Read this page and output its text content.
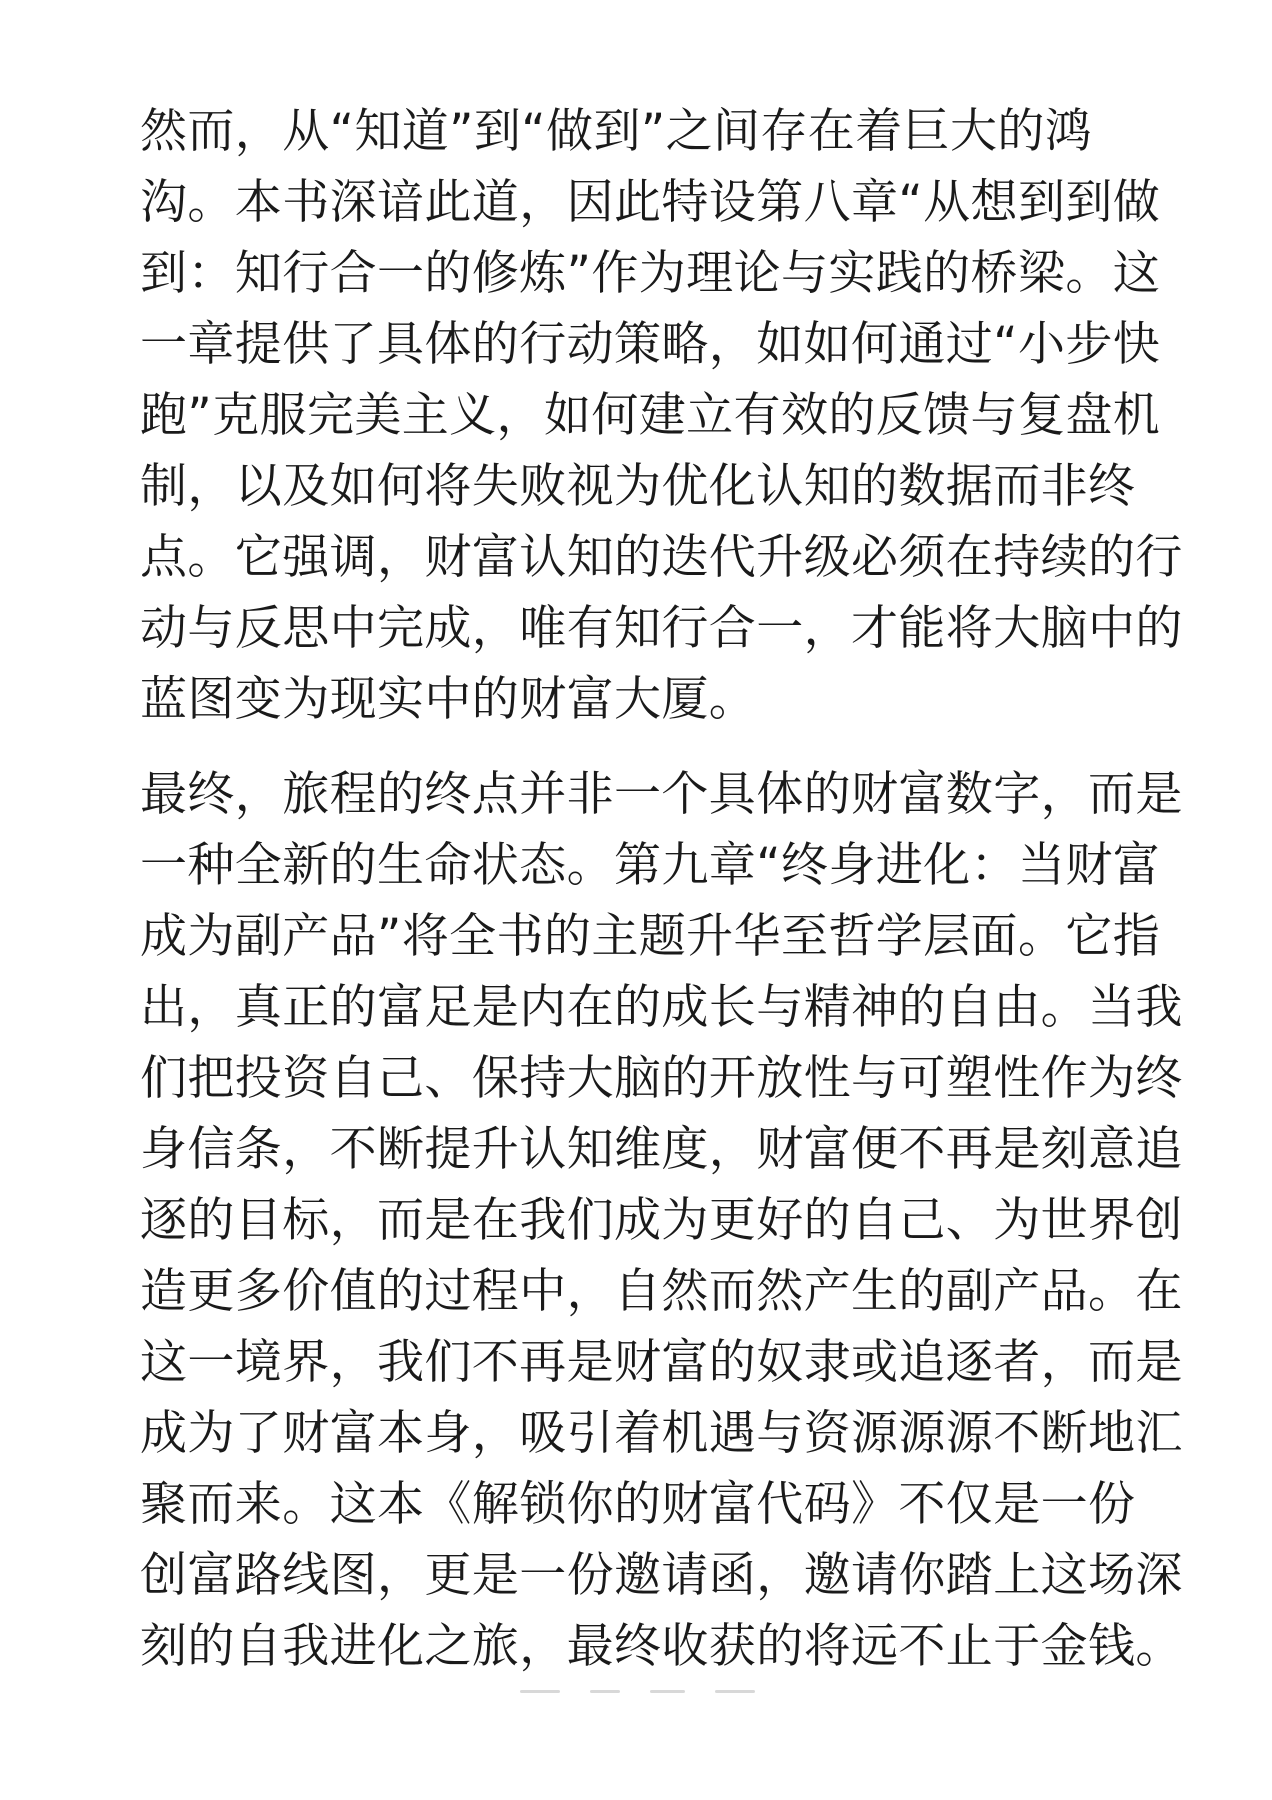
然而，从“知道”到“做到”之间存在着巨大的鸿
沟。本书深谙此道，因此特设第八章“从想到到做
到：知行合一的修炼”作为理论与实践的桥梁。这
一章提供了具体的行动策略，如如何通过“小步快
跑”克服完美主义，如何建立有效的反馈与复盘机
制，以及如何将失败视为优化认知的数据而非终
点。它强调，财富认知的迭代升级必须在持续的行
动与反思中完成，唯有知行合一，才能将大脑中的
蓝图变为现实中的财富大厦。

最终，旅程的终点并非一个具体的财富数字，而是
一种全新的生命状态。第九章“终身进化：当财富
成为副产品”将全书的主题升华至哲学层面。它指
出，真正的富足是内在的成长与精神的自由。当我
们把投资自己、保持大脑的开放性与可塑性作为终
身信条，不断提升认知维度，财富便不再是刻意追
逐的目标，而是在我们成为更好的自己、为世界创
造更多价值的过程中，自然而然产生的副产品。在
这一境界，我们不再是财富的奴隶或追逐者，而是
成为了财富本身，吸引着机遇与资源源源不断地汇
聚而来。这本《解锁你的财富代码》不仅是一份
创富路线图，更是一份邀请函，邀请你踏上这场深
刻的自我进化之旅，最终收获的将远不止于金钱。
